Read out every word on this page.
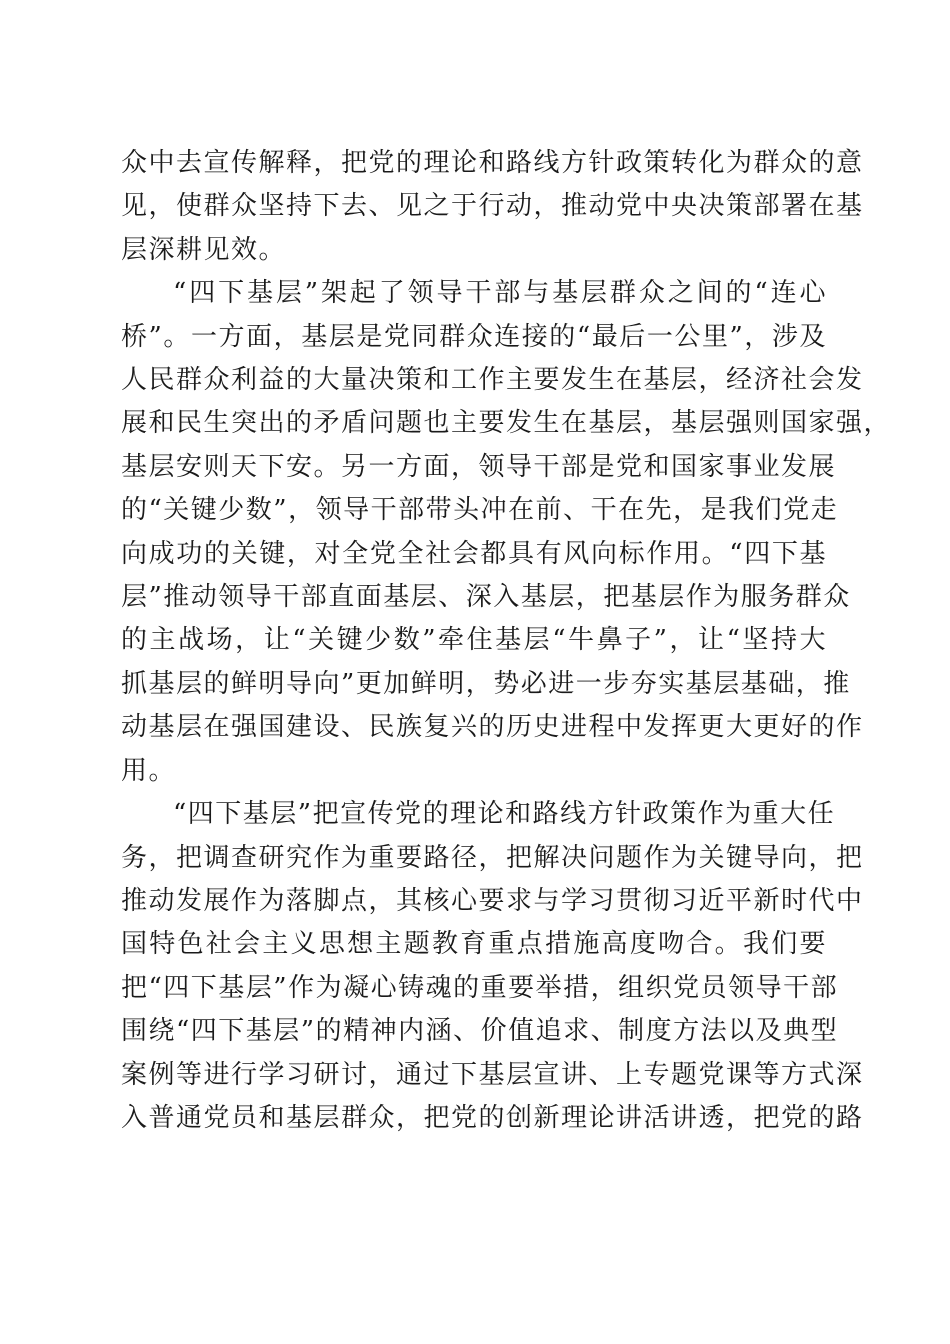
众中去宣传解释，把党的理论和路线方针政策转化为群众的意
见，使群众坚持下去、见之于行动，推动党中央决策部署在基
层深耕见效。
“四下基层”架起了领导干部与基层群众之间的“连心
桥”。一方面，基层是党同群众连接的“最后一公里”，涉及
人民群众利益的大量决策和工作主要发生在基层，经济社会发
展和民生突出的矛盾问题也主要发生在基层，基层强则国家强，
基层安则天下安。另一方面，领导干部是党和国家事业发展
的“关键少数”，领导干部带头冲在前、干在先，是我们党走
向成功的关键，对全党全社会都具有风向标作用。“四下基
层”推动领导干部直面基层、深入基层，把基层作为服务群众
的主战场，让“关键少数”牵住基层“牛鼻子”，让“坚持大
抓基层的鲜明导向”更加鲜明，势必进一步夯实基层基础，推
动基层在强国建设、民族复兴的历史进程中发挥更大更好的作
用。
“四下基层”把宣传党的理论和路线方针政策作为重大任
务，把调查研究作为重要路径，把解决问题作为关键导向，把
推动发展作为落脚点，其核心要求与学习贯彻习近平新时代中
国特色社会主义思想主题教育重点措施高度吻合。我们要
把“四下基层”作为凝心铸魂的重要举措，组织党员领导干部
围绕“四下基层”的精神内涵、价值追求、制度方法以及典型
案例等进行学习研讨，通过下基层宣讲、上专题党课等方式深
入普通党员和基层群众，把党的创新理论讲活讲透，把党的路
